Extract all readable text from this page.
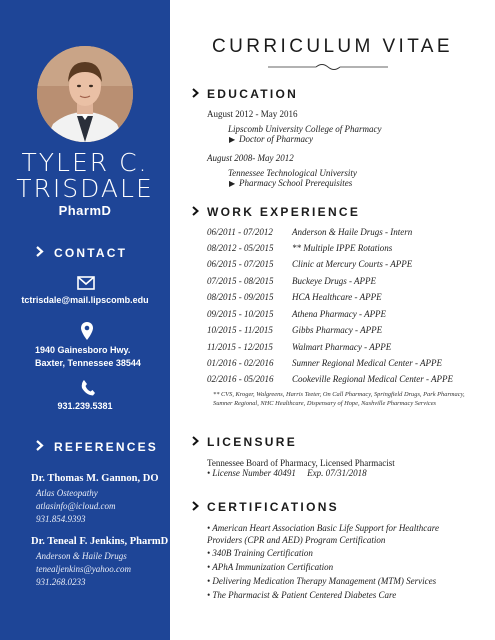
TYLER C.
TRISDALE
PharmD
CONTACT
tctrisdale@mail.lipscomb.edu
1940 Gainesboro Hwy.
Baxter, Tennessee 38544
931.239.5381
REFERENCES
Dr. Thomas M. Gannon, DO
Atlas Osteopathy
atlasinfo@icloud.com
931.854.9393
Dr. Teneal F. Jenkins, PharmD
Anderson & Haile Drugs
tenealjenkins@yahoo.com
931.268.0233
CURRICULUM VITAE
EDUCATION
August 2012 - May 2016
Lipscomb University College of Pharmacy
▶ Doctor of Pharmacy
August 2008- May 2012
Tennessee Technological University
▶ Pharmacy School Prerequisites
WORK EXPERIENCE
06/2011 - 07/2012 Anderson & Haile Drugs - Intern
08/2012 - 05/2015 ** Multiple IPPE Rotations
06/2015 - 07/2015 Clinic at Mercury Courts - APPE
07/2015 - 08/2015 Buckeye Drugs - APPE
08/2015 - 09/2015 HCA Healthcare - APPE
09/2015 - 10/2015 Athena Pharmacy - APPE
10/2015 - 11/2015 Gibbs Pharmacy - APPE
11/2015 - 12/2015 Walmart Pharmacy - APPE
01/2016 - 02/2016 Sumner Regional Medical Center - APPE
02/2016 - 05/2016 Cookeville Regional Medical Center - APPE
** CVS, Kroger, Walgreens, Harris Teeter, On Call Pharmacy, Springfield Drugs, Park Pharmacy, Sumner Regional, NHC Healthcare, Dispensary of Hope, Nashville Pharmacy Services
LICENSURE
Tennessee Board of Pharmacy, Licensed Pharmacist
• License Number 40491     Exp. 07/31/2018
CERTIFICATIONS
• American Heart Association Basic Life Support for Healthcare
Providers (CPR and AED) Program Certification
• 340B Training Certification
• APhA Immunization Certification
• Delivering Medication Therapy Management (MTM) Services
• The Pharmacist & Patient Centered Diabetes Care
